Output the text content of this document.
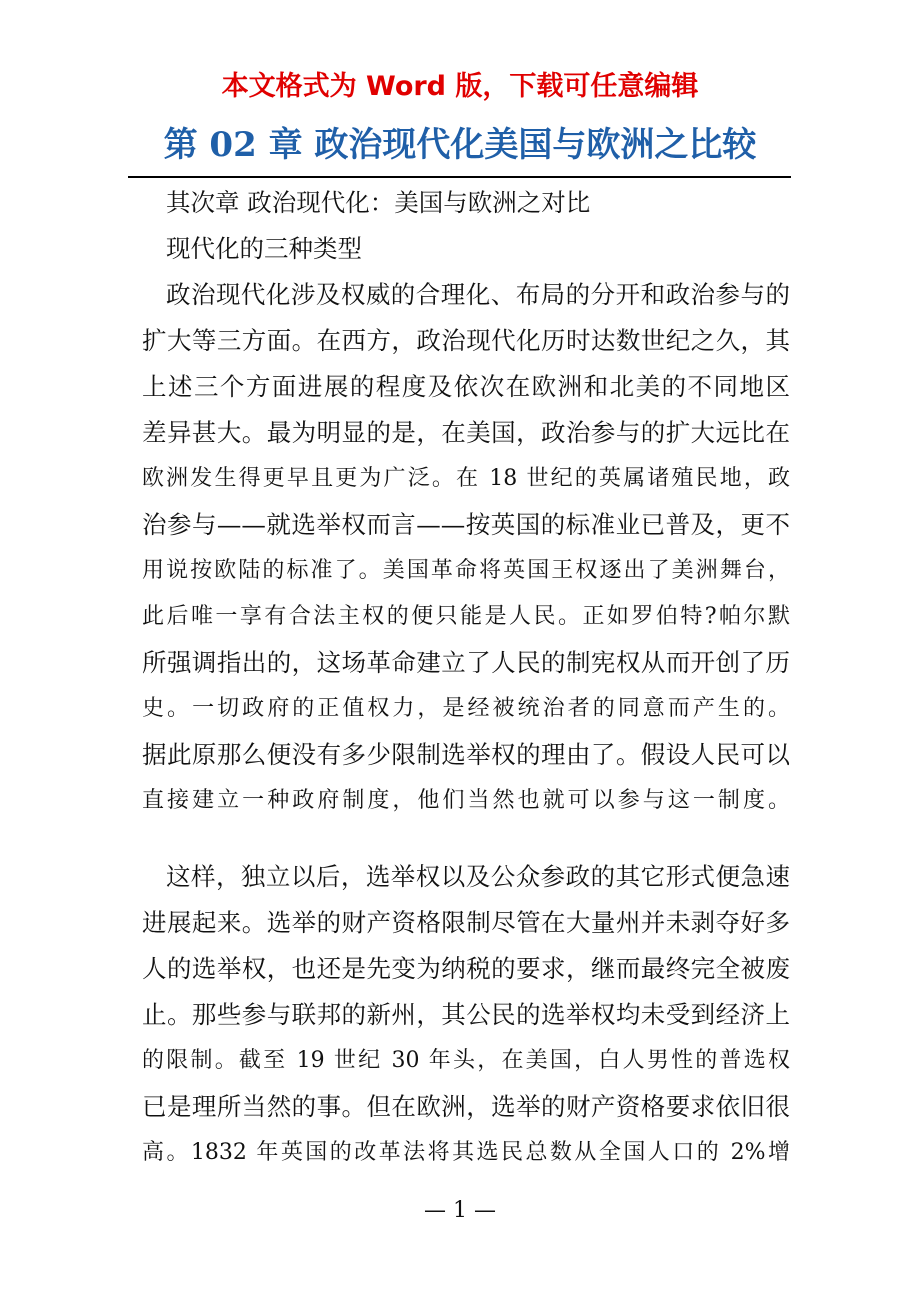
本文格式为 Word 版，下载可任意编辑
第 02 章 政治现代化美国与欧洲之比较
其次章 政治现代化：美国与欧洲之对比
现代化的三种类型
政治现代化涉及权威的合理化、布局的分开和政治参与的
扩大等三方面。在西方，政治现代化历时达数世纪之久，其
上述三个方面进展的程度及依次在欧洲和北美的不同地区
差异甚大。最为明显的是，在美国，政治参与的扩大远比在
欧洲发生得更早且更为广泛。在 18 世纪的英属诸殖民地，政
治参与——就选举权而言——按英国的标准业已普及，更不
用说按欧陆的标准了。美国革命将英国王权逐出了美洲舞台，
此后唯一享有合法主权的便只能是人民。正如罗伯特?帕尔默
所强调指出的，这场革命建立了人民的制宪权从而开创了历
史。一切政府的正值权力，是经被统治者的同意而产生的。
据此原那么便没有多少限制选举权的理由了。假设人民可以
直接建立一种政府制度，他们当然也就可以参与这一制度。
这样，独立以后，选举权以及公众参政的其它形式便急速
进展起来。选举的财产资格限制尽管在大量州并未剥夺好多
人的选举权，也还是先变为纳税的要求，继而最终完全被废
止。那些参与联邦的新州，其公民的选举权均未受到经济上
的限制。截至 19 世纪 30 年头，在美国，白人男性的普选权
已是理所当然的事。但在欧洲，选举的财产资格要求依旧很
高。1832 年英国的改革法将其选民总数从全国人口的 2%增
— 1 —
